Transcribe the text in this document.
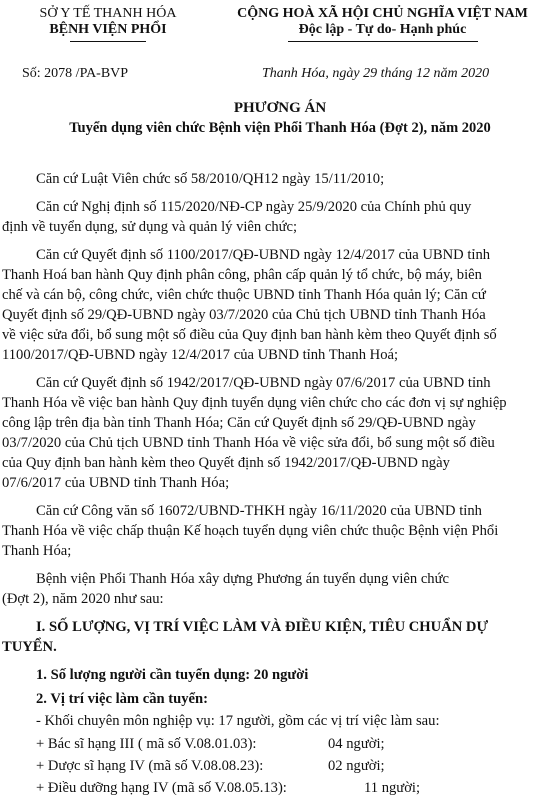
SỞ Y TẾ THANH HÓA
BỆNH VIỆN PHỔI
CỘNG HOÀ XÃ HỘI CHỦ NGHĨA VIỆT NAM
Độc lập - Tự do- Hạnh phúc
Số: 2078 /PA-BVP	Thanh Hóa, ngày 29 tháng 12 năm 2020
PHƯƠNG ÁN
Tuyển dụng viên chức Bệnh viện Phổi Thanh Hóa (Đợt 2), năm 2020
Căn cứ Luật Viên chức số 58/2010/QH12 ngày 15/11/2010;
Căn cứ Nghị định số 115/2020/NĐ-CP ngày 25/9/2020 của Chính phủ quy
định về tuyển dụng, sử dụng và quản lý viên chức;
Căn cứ Quyết định số 1100/2017/QĐ-UBND ngày 12/4/2017 của UBND tỉnh
Thanh Hoá ban hành Quy định phân công, phân cấp quản lý tổ chức, bộ máy, biên
chế và cán bộ, công chức, viên chức thuộc UBND tỉnh Thanh Hóa quản lý; Căn cứ
Quyết định số 29/QĐ-UBND ngày 03/7/2020 của Chủ tịch UBND tỉnh Thanh Hóa
về việc sửa đổi, bổ sung một số điều của Quy định ban hành kèm theo Quyết định số
1100/2017/QĐ-UBND ngày 12/4/2017 của UBND tỉnh Thanh Hoá;
Căn cứ Quyết định số 1942/2017/QĐ-UBND ngày 07/6/2017 của UBND tỉnh
Thanh Hóa về việc ban hành Quy định tuyển dụng viên chức cho các đơn vị sự nghiệp
công lập trên địa bàn tỉnh Thanh Hóa; Căn cứ Quyết định số 29/QĐ-UBND ngày
03/7/2020 của Chủ tịch UBND tỉnh Thanh Hóa về việc sửa đổi, bổ sung một số điều
của Quy định ban hành kèm theo Quyết định số 1942/2017/QĐ-UBND ngày
07/6/2017 của UBND tỉnh Thanh Hóa;
Căn cứ Công văn số 16072/UBND-THKH ngày 16/11/2020 của UBND tỉnh
Thanh Hóa về việc chấp thuận Kế hoạch tuyển dụng viên chức thuộc Bệnh viện Phổi
Thanh Hóa;
Bệnh viện Phổi Thanh Hóa xây dựng Phương án tuyển dụng viên chức
(Đợt 2), năm 2020 như sau:
I. SỐ LƯỢNG, VỊ TRÍ VIỆC LÀM VÀ ĐIỀU KIỆN, TIÊU CHUẨN DỰ
TUYỂN.
1. Số lượng người cần tuyển dụng: 20 người
2. Vị trí việc làm cần tuyển:
- Khối chuyên môn nghiệp vụ: 17 người, gồm các vị trí việc làm sau:
+ Bác sĩ hạng III ( mã số V.08.01.03):	04 người;
+ Dược sĩ hạng IV (mã số V.08.08.23):	02 người;
+ Điều dưỡng hạng IV (mã số V.08.05.13):	11 người;
